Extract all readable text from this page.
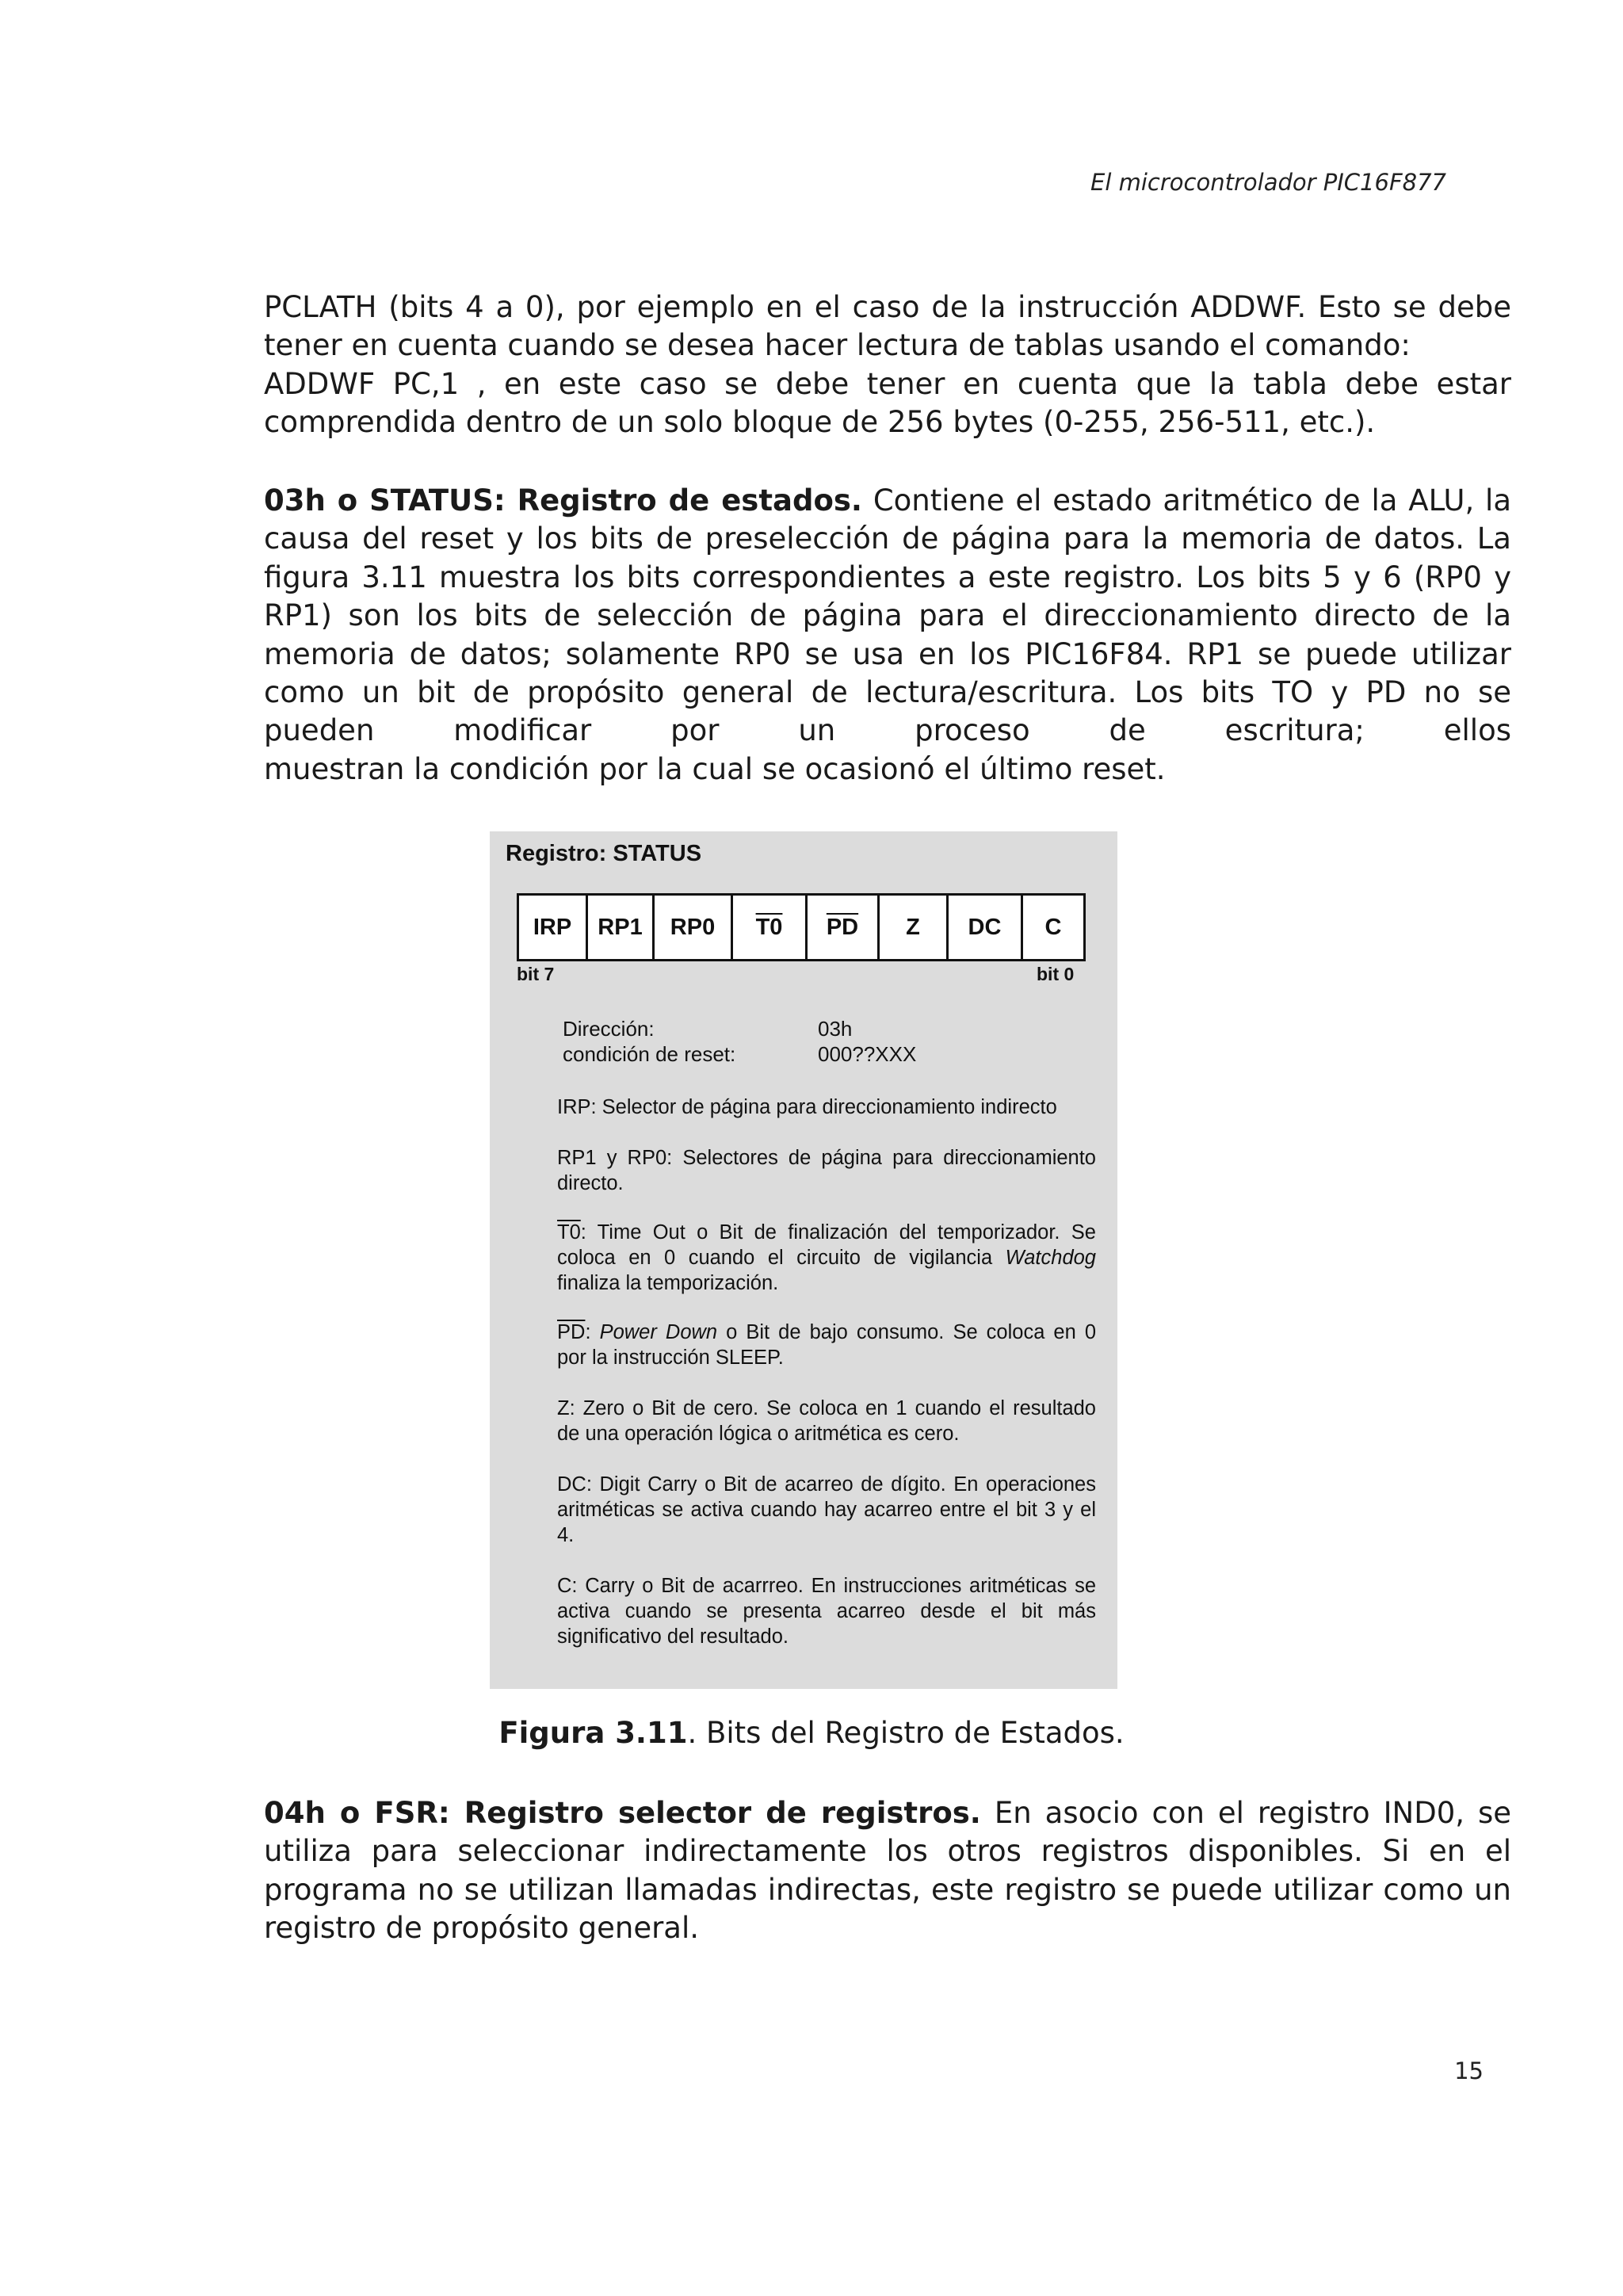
El microcontrolador PIC16F877
PCLATH (bits 4 a 0), por ejemplo en el caso de la instrucción ADDWF. Esto se debe
tener en cuenta cuando se desea hacer lectura de tablas usando el comando:
ADDWF PC,1 , en este caso se debe tener en cuenta que la tabla debe estar
comprendida dentro de un solo bloque de 256 bytes (0-255, 256-511, etc.).
03h o STATUS: Registro de estados. Contiene el estado aritmético de la ALU, la causa del reset y los bits de preselección de página para la memoria de datos. La figura 3.11 muestra los bits correspondientes a este registro. Los bits 5 y 6 (RP0 y RP1) son los bits de selección de página para el direccionamiento directo de la memoria de datos; solamente RP0 se usa en los PIC16F84. RP1 se puede utilizar como un bit de propósito general de lectura/escritura. Los bits TO y PD no se pueden modificar por un proceso de escritura; ellos
muestran la condición por la cual se ocasionó el último reset.
Registro: STATUS
IRP	RP1	RP0	T0 $\overline{PD}$	Z	DC	C
bit 7	bit 0
Dirección:	03h
condición de reset:	000??XXX
IRP: Selector de página para direccionamiento indirecto
RP1 y RP0: Selectores de página para direccionamiento directo.
T0: Time Out o Bit de finalización del temporizador. Se coloca en 0 cuando el circuito de vigilancia Watchdog finaliza la temporización.
$\overline{PD}$: Power Down o Bit de bajo consumo. Se coloca en 0 por la instrucción SLEEP.
Z: Zero o Bit de cero. Se coloca en 1 cuando el resultado de una operación lógica o aritmética es cero.
DC: Digit Carry o Bit de acarreo de dígito. En operaciones aritméticas se activa cuando hay acarreo entre el bit 3 y el 4.
C: Carry o Bit de acarrreo. En instrucciones aritméticas se activa cuando se presenta acarreo desde el bit más significativo del resultado.
Figura 3.11. Bits del Registro de Estados.
04h o FSR: Registro selector de registros. En asocio con el registro IND0, se utiliza para seleccionar indirectamente los otros registros disponibles. Si en el programa no se utilizan llamadas indirectas, este registro se puede utilizar como un
registro de propósito general.
15
